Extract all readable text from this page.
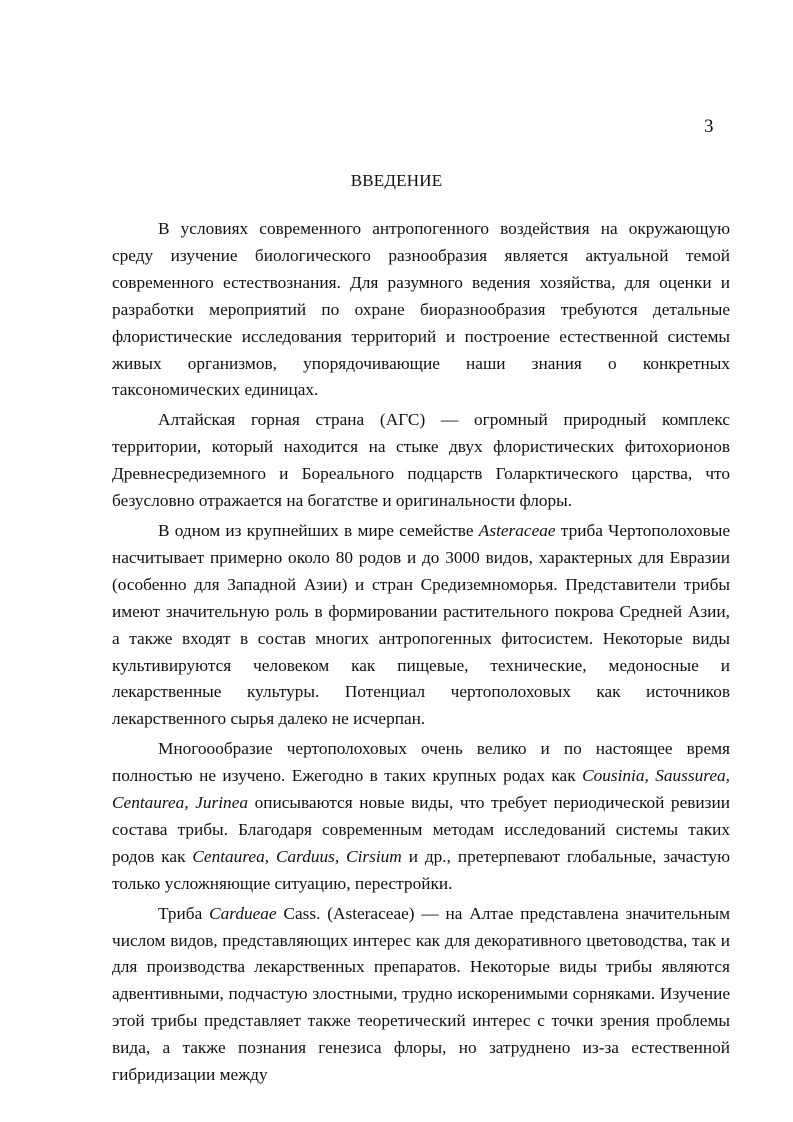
3
ВВЕДЕНИЕ

В условиях современного антропогенного воздействия на окружающую среду изучение биологического разнообразия является актуальной темой современного естествознания. Для разумного ведения хозяйства, для оценки и разработки мероприятий по охране биоразнообразия требуются детальные флористические исследования территорий и построение естественной системы живых организмов, упорядочивающие наши знания о конкретных таксономических единицах.

Алтайская горная страна (АГС) — огромный природный комплекс территории, который находится на стыке двух флористических фитохорионов Древнесредиземного и Бореального подцарств Голарктического царства, что безусловно отражается на богатстве и оригинальности флоры.

В одном из крупнейших в мире семействе Asteraceae триба Чертополоховые насчитывает примерно около 80 родов и до 3000 видов, характерных для Евразии (особенно для Западной Азии) и стран Средиземноморья. Представители трибы имеют значительную роль в формировании растительного покрова Средней Азии, а также входят в состав многих антропогенных фитосистем. Некоторые виды культивируются человеком как пищевые, технические, медоносные и лекарственные культуры. Потенциал чертополоховых как источников лекарственного сырья далеко не исчерпан.

Многоообразие чертополоховых очень велико и по настоящее время полностью не изучено. Ежегодно в таких крупных родах как Cousinia, Saussurea, Centaurea, Jurinea описываются новые виды, что требует периодической ревизии состава трибы. Благодаря современным методам исследований системы таких родов как Centaurea, Carduus, Cirsium и др., претерпевают глобальные, зачастую только усложняющие ситуацию, перестройки.

Триба Cardueae Cass. (Asteraceae) — на Алтае представлена значительным числом видов, представляющих интерес как для декоративного цветоводства, так и для производства лекарственных препаратов. Некоторые виды трибы являются адвентивными, подчастую злостными, трудно искоренимыми сорняками. Изучение этой трибы представляет также теоретический интерес с точки зрения проблемы вида, а также познания генезиса флоры, но затруднено из-за естественной гибридизации между
